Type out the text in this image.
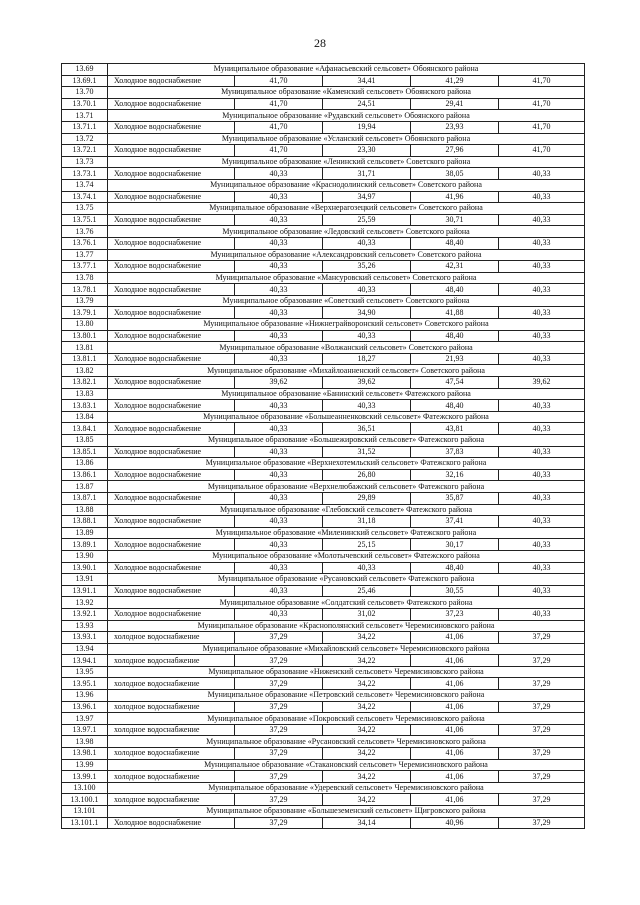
28
13.69	Муниципальное образование «Афанасьевский сельсовет» Обоянского района				
13.69.1	Холодное водоснабжение	41,70	34,41	41,29	41,70
13.70	Муниципальное образование «Каменский сельсовет» Обоянского района				
13.70.1	Холодное водоснабжение	41,70	24,51	29,41	41,70
13.71	Муниципальное образование «Рудавский сельсовет» Обоянского района				
13.71.1	Холодное водоснабжение	41,70	19,94	23,93	41,70
13.72	Муниципальное образование «Усланский сельсовет» Обоянского района				
13.72.1	Холодное водоснабжение	41,70	23,30	27,96	41,70
13.73	Муниципальное образование «Ленинский сельсовет» Советского района				
13.73.1	Холодное водоснабжение	40,33	31,71	38,05	40,33
13.74	Муниципальное образование «Краснодолинский сельсовет» Советского района				
13.74.1	Холодное водоснабжение	40,33	34,97	41,96	40,33
13.75	Муниципальное образование «Верхнерагозецкий сельсовет» Советского района				
13.75.1	Холодное водоснабжение	40,33	25,59	30,71	40,33
13.76	Муниципальное образование «Ледовский сельсовет» Советского района				
13.76.1	Холодное водоснабжение	40,33	40,33	48,40	40,33
13.77	Муниципальное образование «Александровский сельсовет» Советского района				
13.77.1	Холодное водоснабжение	40,33	35,26	42,31	40,33
13.78	Муниципальное образование «Мансуровский сельсовет» Советского района				
13.78.1	Холодное водоснабжение	40,33	40,33	48,40	40,33
13.79	Муниципальное образование «Советский сельсовет» Советского района				
13.79.1	Холодное водоснабжение	40,33	34,90	41,88	40,33
13.80	Муниципальное образование «Нижнеграйворонский сельсовет» Советского района				
13.80.1	Холодное водоснабжение	40,33	40,33	48,40	40,33
13.81	Муниципальное образование «Волжанский сельсовет» Советского района				
13.81.1	Холодное водоснабжение	40,33	18,27	21,93	40,33
13.82	Муниципальное образование «Михайлоанненский сельсовет» Советского района				
13.82.1	Холодное водоснабжение	39,62	39,62	47,54	39,62
13.83	Муниципальное образование «Банинский сельсовет» Фатежского района				
13.83.1	Холодное водоснабжение	40,33	40,33	48,40	40,33
13.84	Муниципальное образование «Большеанненковский сельсовет» Фатежского района				
13.84.1	Холодное водоснабжение	40,33	36,51	43,81	40,33
13.85	Муниципальное образование «Большежировский сельсовет» Фатежского района				
13.85.1	Холодное водоснабжение	40,33	31,52	37,83	40,33
13.86	Муниципальное образование «Верхнехотемльский сельсовет» Фатежского района				
13.86.1	Холодное водоснабжение	40,33	26,80	32,16	40,33
13.87	Муниципальное образование «Верхнелюбажский сельсовет» Фатежского района				
13.87.1	Холодное водоснабжение	40,33	29,89	35,87	40,33
13.88	Муниципальное образование «Глебовский сельсовет» Фатежского района				
13.88.1	Холодное водоснабжение	40,33	31,18	37,41	40,33
13.89	Муниципальное образование «Миленинский сельсовет» Фатежского района				
13.89.1	Холодное водоснабжение	40,33	25,15	30,17	40,33
13.90	Муниципальное образование «Молотычевский сельсовет» Фатежского района				
13.90.1	Холодное водоснабжение	40,33	40,33	48,40	40,33
13.91	Муниципальное образование «Русановский сельсовет» Фатежского района				
13.91.1	Холодное водоснабжение	40,33	25,46	30,55	40,33
13.92	Муниципальное образование «Солдатский сельсовет» Фатежского района				
13.92.1	Холодное водоснабжение	40,33	31,02	37,23	40,33
13.93	Муниципальное образование «Краснополянский сельсовет» Черемисиновского района				
13.93.1	холодное водоснабжение	37,29	34,22	41,06	37,29
13.94	Муниципальное образование «Михайловский сельсовет» Черемисиновского района				
13.94.1	холодное водоснабжение	37,29	34,22	41,06	37,29
13.95	Муниципальное образование «Ниженский сельсовет» Черемисиновского района				
13.95.1	холодное водоснабжение	37,29	34,22	41,06	37,29
13.96	Муниципальное образование «Петровский сельсовет» Черемисиновского района				
13.96.1	холодное водоснабжение	37,29	34,22	41,06	37,29
13.97	Муниципальное образование «Покровский сельсовет» Черемисиновского района				
13.97.1	холодное водоснабжение	37,29	34,22	41,06	37,29
13.98	Муниципальное образование «Русановский сельсовет» Черемисиновского района				
13.98.1	холодное водоснабжение	37,29	34,22	41,06	37,29
13.99	Муниципальное образование «Стакановский сельсовет» Черемисиновского района				
13.99.1	холодное водоснабжение	37,29	34,22	41,06	37,29
13.100	Муниципальное образование «Удеревский сельсовет» Черемисиновского района				
13.100.1	холодное водоснабжение	37,29	34,22	41,06	37,29
13.101	Муниципальное образование «Большеземенский сельсовет» Щигровского района				
13.101.1	Холодное водоснабжение	37,29	34,14	40,96	37,29
